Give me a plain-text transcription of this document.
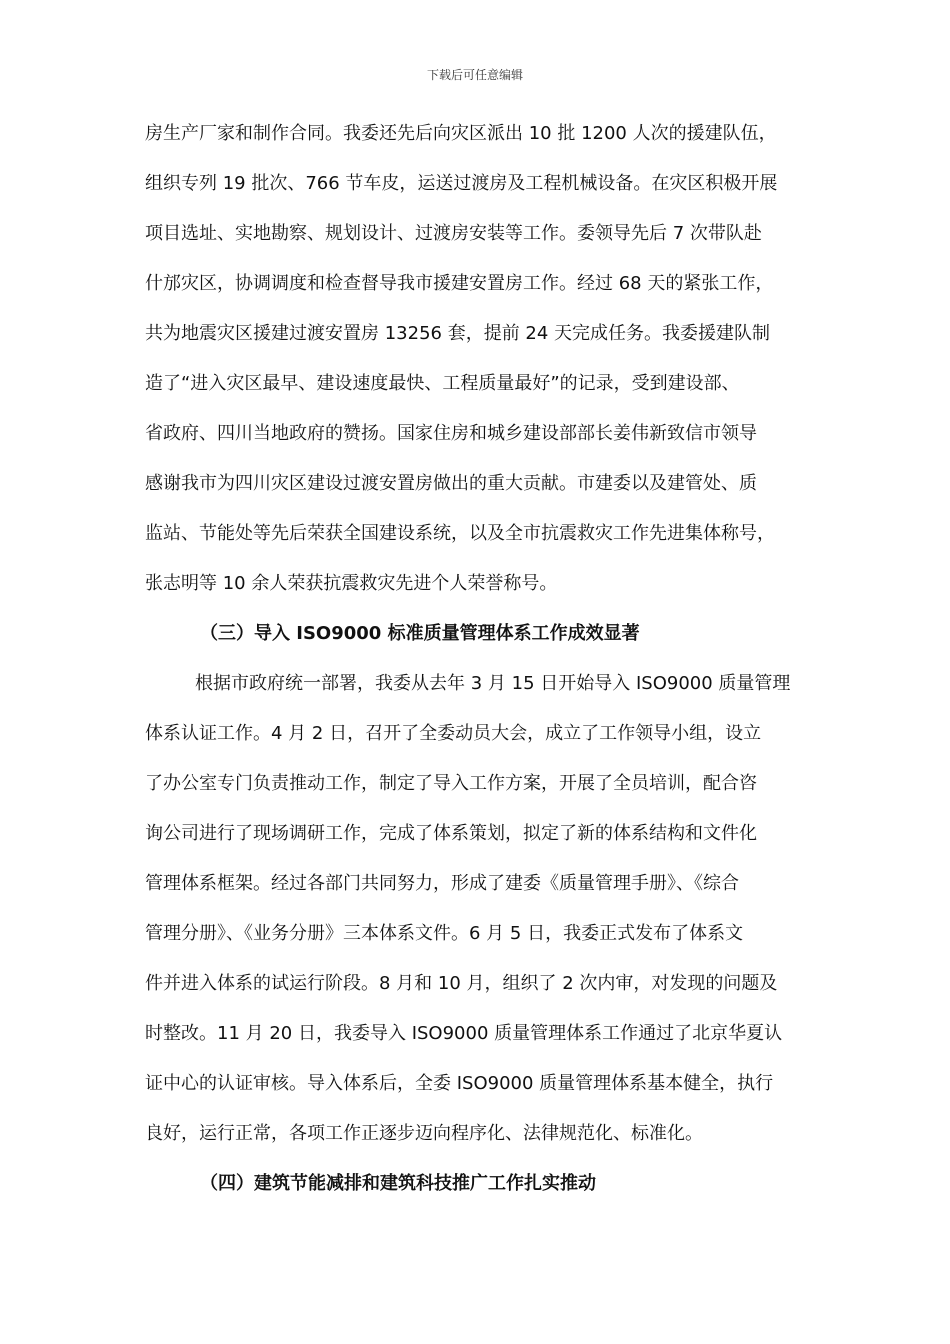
下载后可任意编辑
房生产厂家和制作合同。我委还先后向灾区派出 10 批 1200 人次的援建队伍，
组织专列 19 批次、766 节车皮，运送过渡房及工程机械设备。在灾区积极开展
项目选址、实地勘察、规划设计、过渡房安装等工作。委领导先后 7 次带队赴
什邡灾区，协调调度和检查督导我市援建安置房工作。经过 68 天的紧张工作，
共为地震灾区援建过渡安置房 13256 套，提前 24 天完成任务。我委援建队制
造了“进入灾区最早、建设速度最快、工程质量最好”的记录，受到建设部、
省政府、四川当地政府的赞扬。国家住房和城乡建设部部长姜伟新致信市领导
感谢我市为四川灾区建设过渡安置房做出的重大贡献。市建委以及建管处、质
监站、节能处等先后荣获全国建设系统，以及全市抗震救灾工作先进集体称号，
张志明等 10 余人荣获抗震救灾先进个人荣誉称号。
（三）导入 ISO9000 标准质量管理体系工作成效显著
根据市政府统一部署，我委从去年 3 月 15 日开始导入 ISO9000 质量管理
体系认证工作。4 月 2 日，召开了全委动员大会，成立了工作领导小组，设立
了办公室专门负责推动工作，制定了导入工作方案，开展了全员培训，配合咨
询公司进行了现场调研工作，完成了体系策划，拟定了新的体系结构和文件化
管理体系框架。经过各部门共同努力，形成了建委《质量管理手册》、《综合
管理分册》、《业务分册》三本体系文件。6 月 5 日，我委正式发布了体系文
件并进入体系的试运行阶段。8 月和 10 月，组织了 2 次内审，对发现的问题及
时整改。11 月 20 日，我委导入 ISO9000 质量管理体系工作通过了北京华夏认
证中心的认证审核。导入体系后，全委 ISO9000 质量管理体系基本健全，执行
良好，运行正常，各项工作正逐步迈向程序化、法律规范化、标准化。
（四）建筑节能减排和建筑科技推广工作扎实推动
